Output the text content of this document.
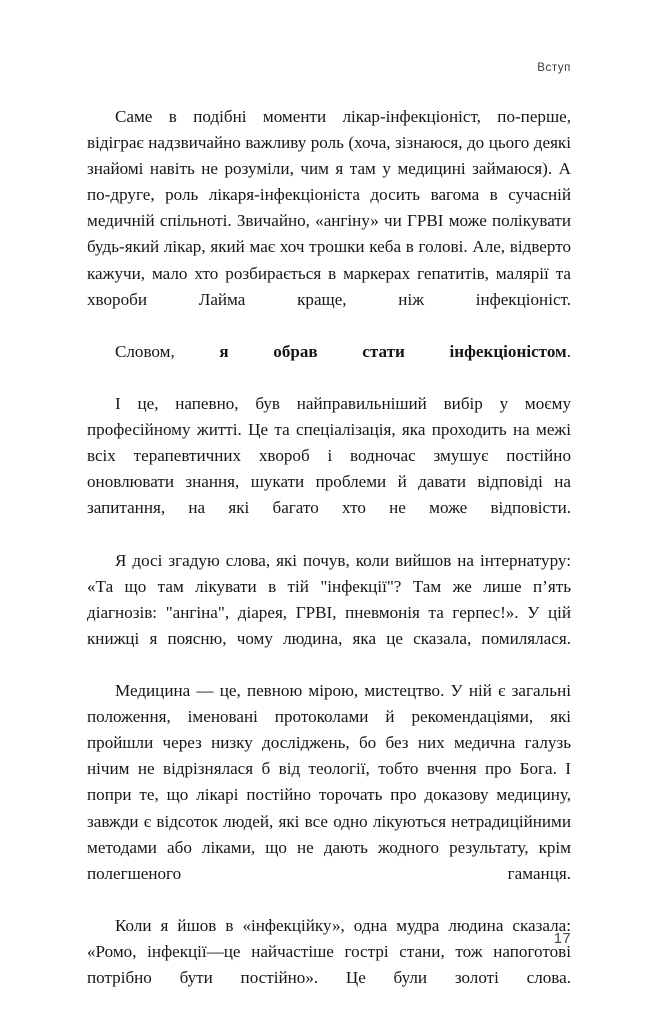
Вступ

Саме в подібні моменти лікар-інфекціоніст, по-перше, відіграє надзвичайно важливу роль (хоча, зізнаюся, до цього деякі знайомі навіть не розуміли, чим я там у медицині займаюся). А по-друге, роль лікаря-інфекціоніста досить вагома в сучасній медичній спільноті. Звичайно, «ангіну» чи ГРВІ може полікувати будь-який лікар, який має хоч трошки кеба в голові. Але, відверто кажучи, мало хто розбирається в маркерах гепатитів, малярії та хвороби Лайма краще, ніж інфекціоніст.

Словом, я обрав стати інфекціоністом.

І це, напевно, був найправильніший вибір у моєму професійному житті. Це та спеціалізація, яка проходить на межі всіх терапевтичних хвороб і водночас змушує постійно оновлювати знання, шукати проблеми й давати відповіді на запитання, на які багато хто не може відповісти.

Я досі згадую слова, які почув, коли вийшов на інтернатуру: «Та що там лікувати в тій "інфекції"? Там же лише п’ять діагнозів: "ангіна", діарея, ГРВІ, пневмонія та герпес!». У цій книжці я поясню, чому людина, яка це сказала, помилялася.

Медицина — це, певною мірою, мистецтво. У ній є загальні положення, іменовані протоколами й рекомендаціями, які пройшли через низку досліджень, бо без них медична галузь нічим не відрізнялася б від теології, тобто вчення про Бога. І попри те, що лікарі постійно торочать про доказову медицину, завжди є відсоток людей, які все одно лікуються нетрадиційними методами або ліками, що не дають жодного результату, крім полегшеного гаманця.

Коли я йшов в «інфекційку», одна мудра людина сказала: «Ромо, інфекції—це найчастіше гострі стани, тож напоготові потрібно бути постійно». Це були золоті слова.

17
